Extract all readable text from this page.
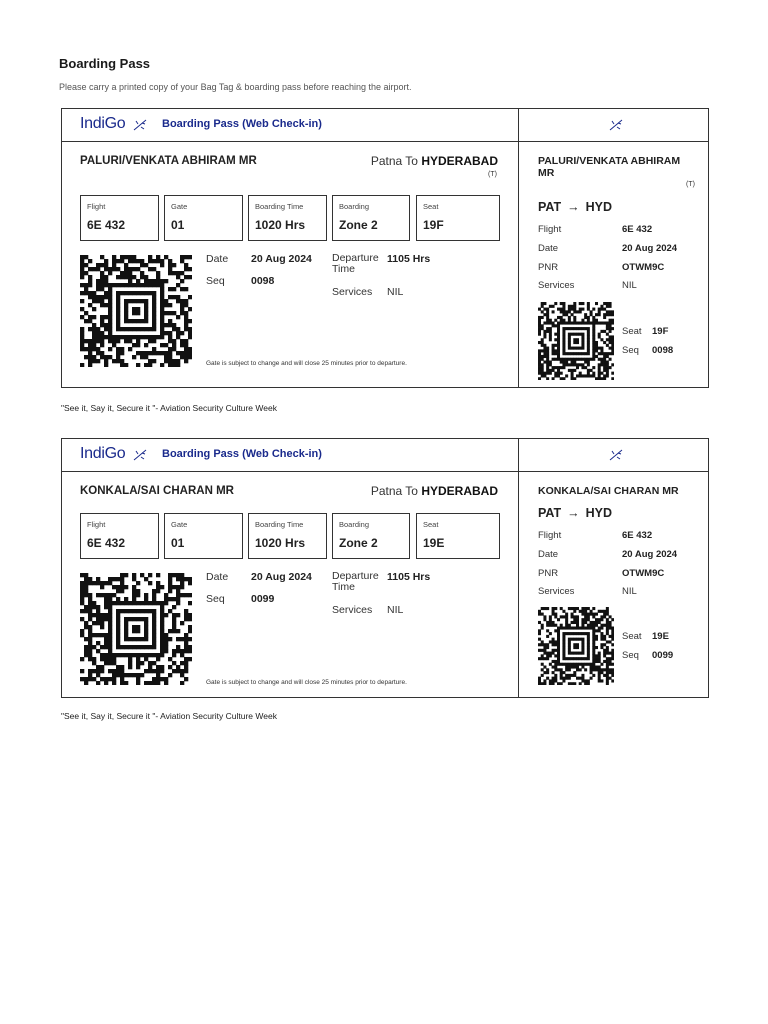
Boarding Pass
Please carry a printed copy of your Bag Tag & boarding pass before reaching the airport.
IndiGo	Boarding Pass (Web Check-in)
PALURI/VENKATA ABHIRAM MR	Patna To HYDERABAD
(T)
Flight
6E 432
Gate
01
Boarding Time
1020 Hrs
Boarding
Zone 2
Seat
19F
Date 20 Aug 2024
Seq	0098
Departure Time
1105 Hrs
Services NIL
Gate is subject to change and will close 25 minutes prior to departure.
PALURI/VENKATA ABHIRAM MR
(T)
PAT → HYD
Flight	6E 432
Date	20 Aug 2024
PNR	OTWM9C
Services	NIL
Seat 19F
Seq 0098
"See it, Say it, Secure it "- Aviation Security Culture Week
IndiGo	Boarding Pass (Web Check-in)
KONKALA/SAI CHARAN MR	Patna To HYDERABAD
Flight
6E 432
Gate
01
Boarding Time
1020 Hrs
Boarding
Zone 2
Seat
19E
Date 20 Aug 2024
Seq	0099
Departure Time
1105 Hrs
Services NIL
Gate is subject to change and will close 25 minutes prior to departure.
KONKALA/SAI CHARAN MR
PAT → HYD
Flight	6E 432
Date	20 Aug 2024
PNR	OTWM9C
Services	NIL
Seat 19E
Seq 0099
"See it, Say it, Secure it "- Aviation Security Culture Week
